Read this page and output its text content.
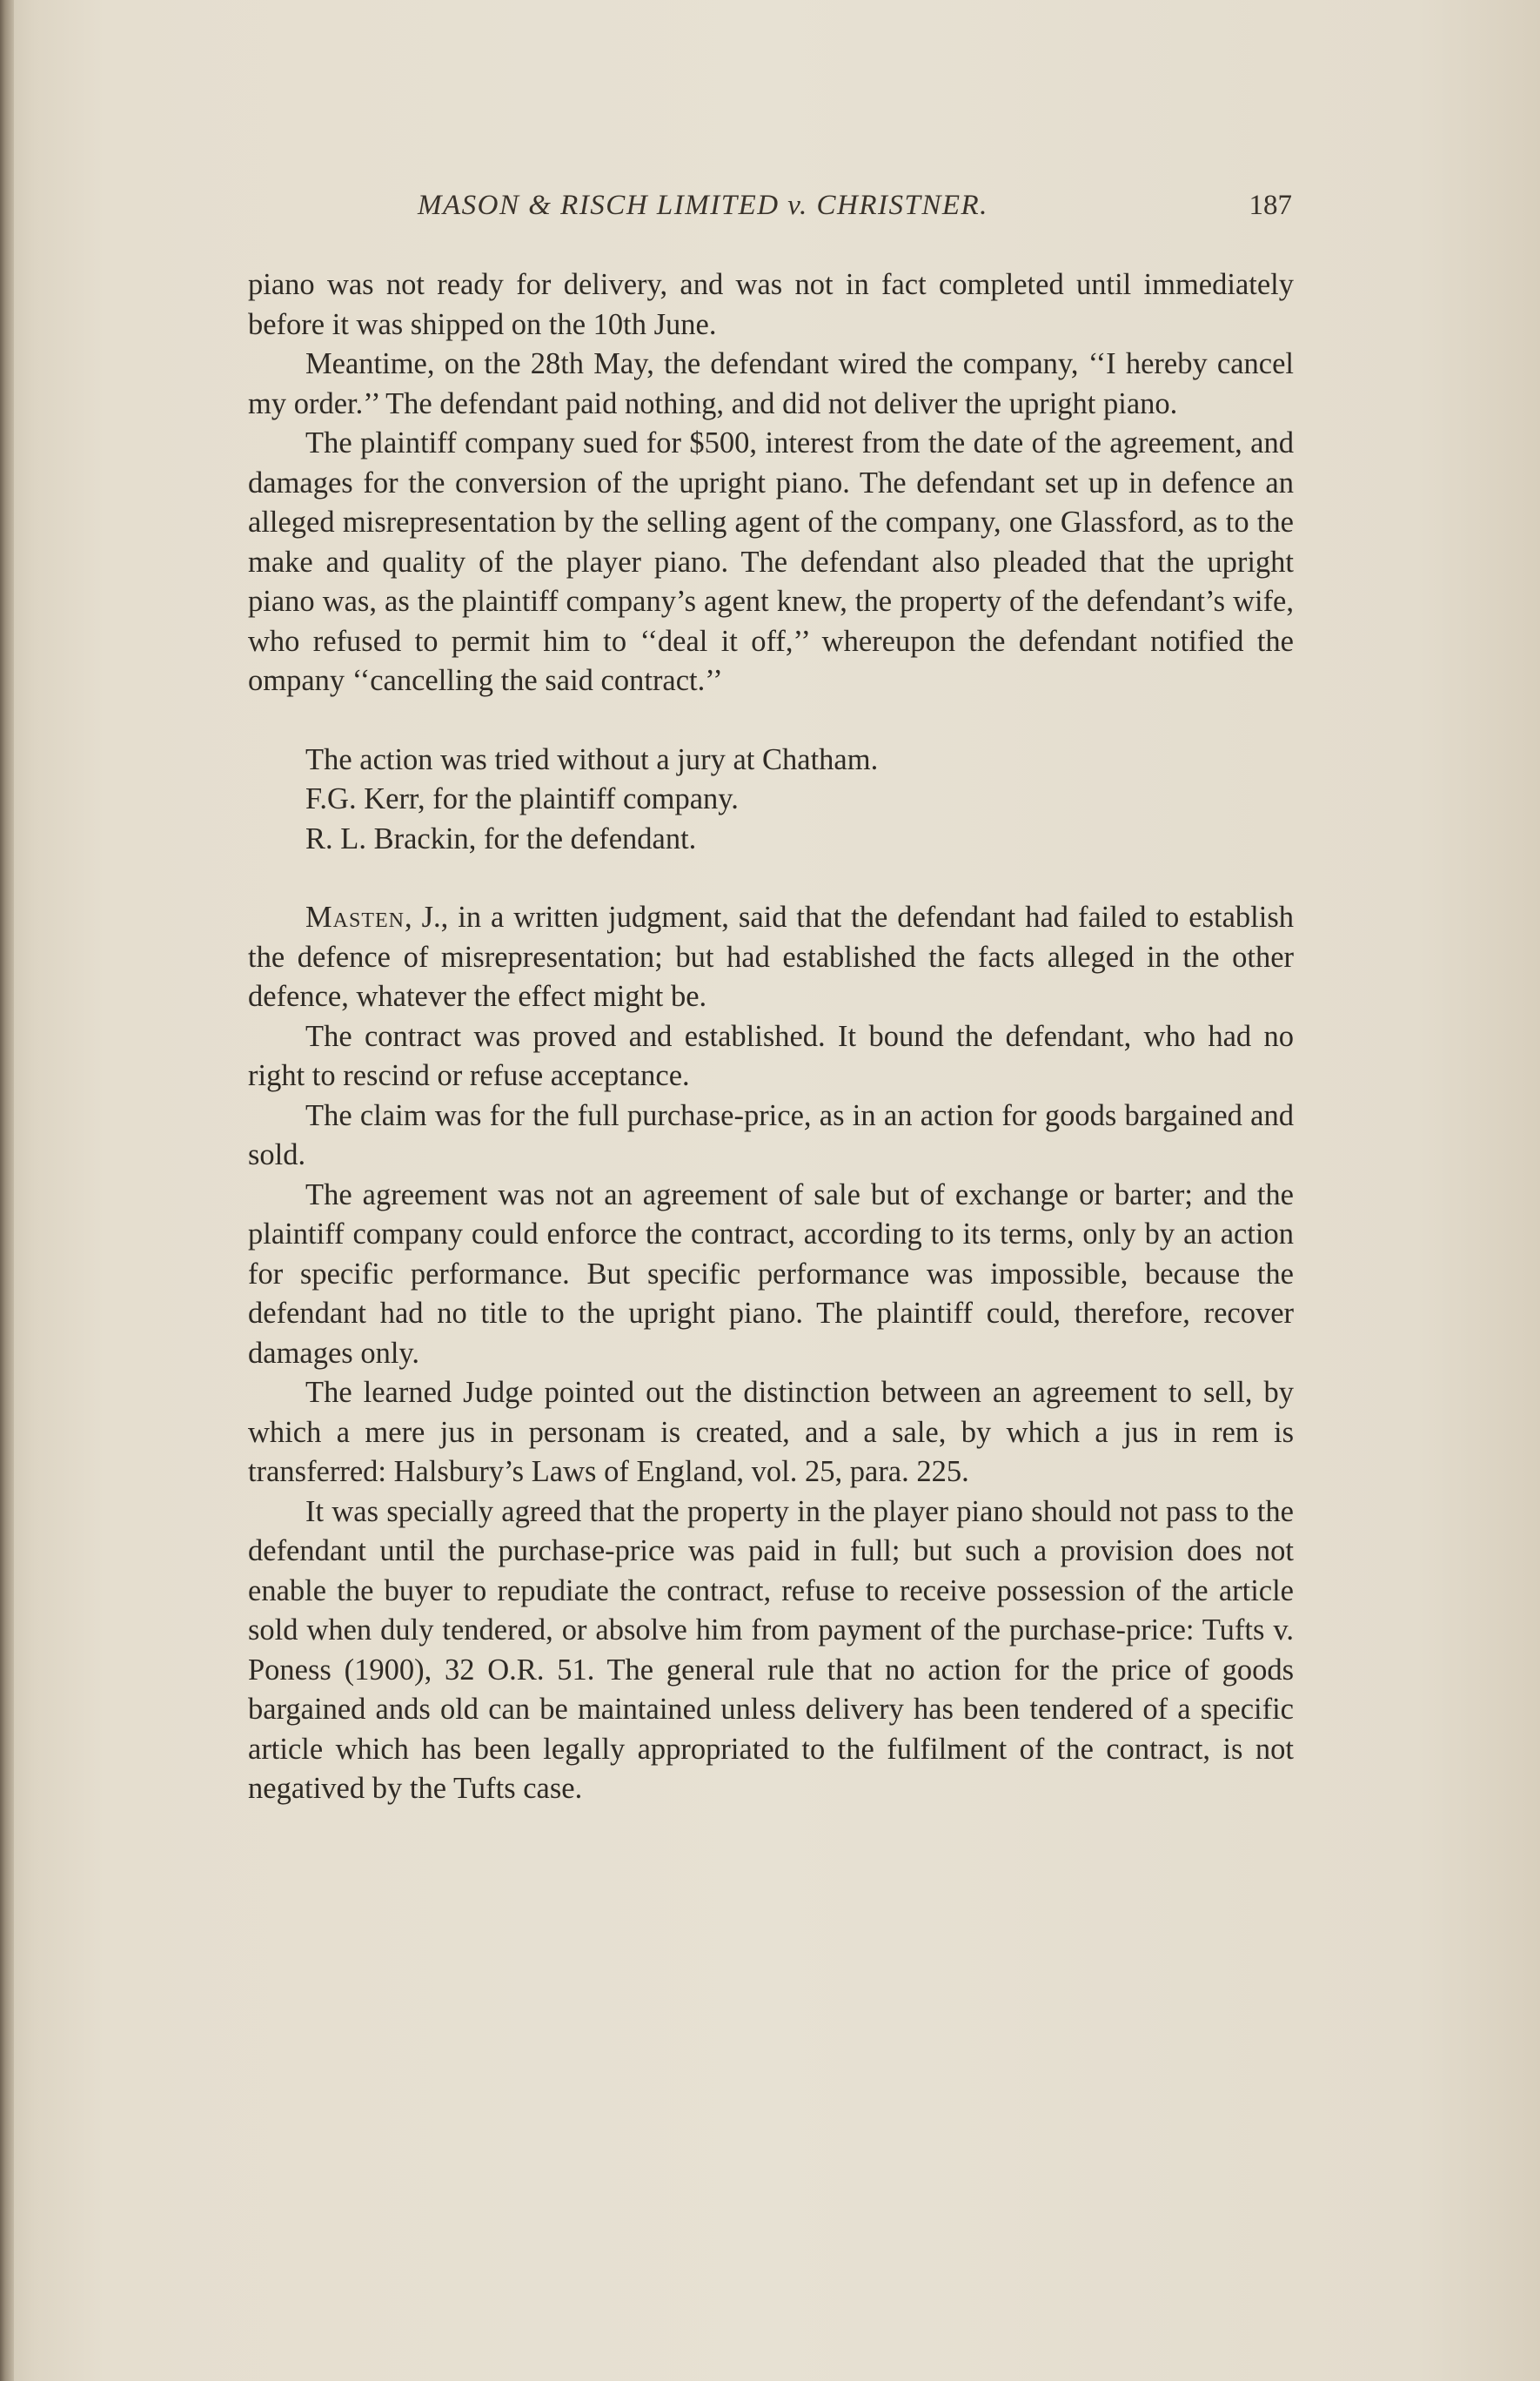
MASON & RISCH LIMITED v. CHRISTNER.	187

piano was not ready for delivery, and was not in fact completed until immediately before it was shipped on the 10th June.

Meantime, on the 28th May, the defendant wired the company, ‘‘I hereby cancel my order.’’ The defendant paid nothing, and did not deliver the upright piano.

The plaintiff company sued for $500, interest from the date of the agreement, and damages for the conversion of the upright piano. The defendant set up in defence an alleged misrepresentation by the selling agent of the company, one Glassford, as to the make and quality of the player piano. The defendant also pleaded that the upright piano was, as the plaintiff company’s agent knew, the property of the defendant’s wife, who refused to permit him to ‘‘deal it off,’’ whereupon the defendant notified the ompany ‘‘cancelling the said contract.’’

The action was tried without a jury at Chatham.

F.G. Kerr, for the plaintiff company.

R. L. Brackin, for the defendant.

Masten, J., in a written judgment, said that the defendant had failed to establish the defence of misrepresentation; but had established the facts alleged in the other defence, whatever the effect might be.

The contract was proved and established. It bound the defendant, who had no right to rescind or refuse acceptance.

The claim was for the full purchase-price, as in an action for goods bargained and sold.

The agreement was not an agreement of sale but of exchange or barter; and the plaintiff company could enforce the contract, according to its terms, only by an action for specific performance. But specific performance was impossible, because the defendant had no title to the upright piano. The plaintiff could, therefore, recover damages only.

The learned Judge pointed out the distinction between an agreement to sell, by which a mere jus in personam is created, and a sale, by which a jus in rem is transferred: Halsbury’s Laws of England, vol. 25, para. 225.

It was specially agreed that the property in the player piano should not pass to the defendant until the purchase-price was paid in full; but such a provision does not enable the buyer to repudiate the contract, refuse to receive possession of the article sold when duly tendered, or absolve him from payment of the purchase-price: Tufts v. Poness (1900), 32 O.R. 51. The general rule that no action for the price of goods bargained ands old can be maintained unless delivery has been tendered of a specific article which has been legally appropriated to the fulfilment of the contract, is not negatived by the Tufts case.
